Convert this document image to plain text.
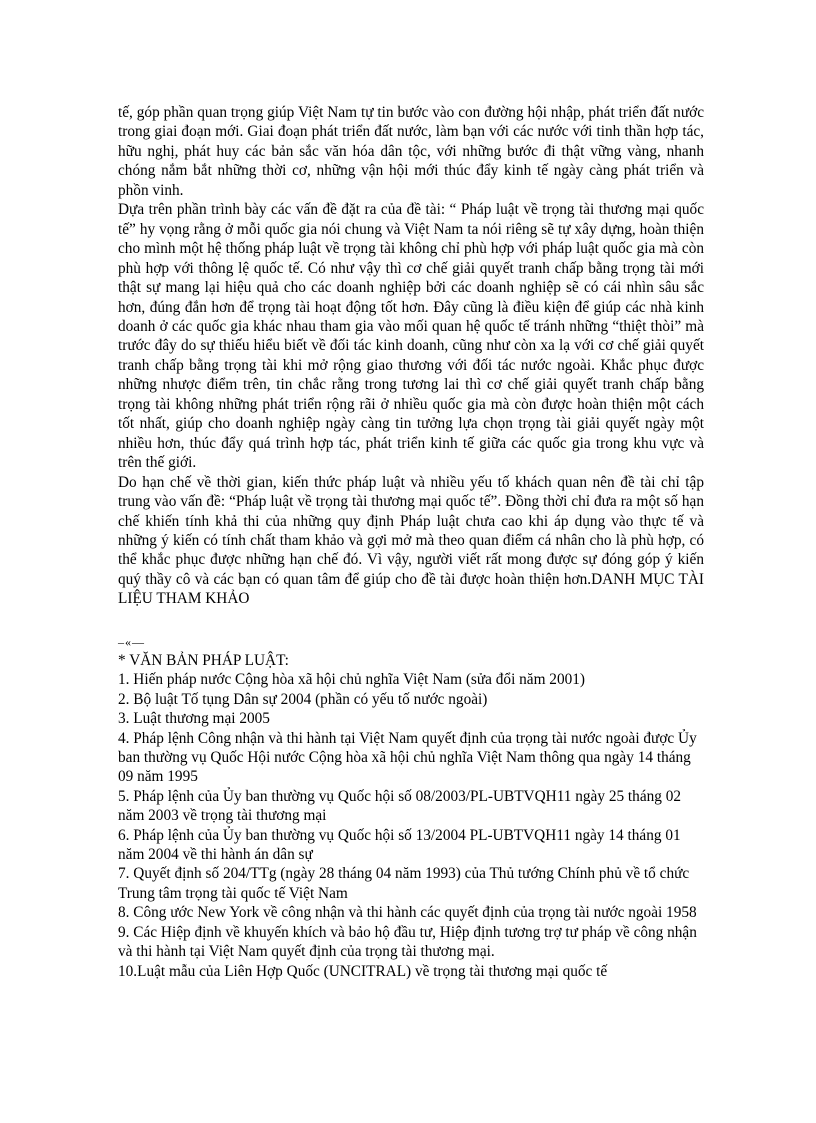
tế, góp phần quan trọng giúp Việt Nam tự tin bước vào con đường hội nhập, phát triển đất nước trong giai đoạn mới. Giai đoạn phát triển đất nước, làm bạn với các nước với tinh thần hợp tác, hữu nghị, phát huy các bản sắc văn hóa dân tộc, với những bước đi thật vững vàng, nhanh chóng nắm bắt những thời cơ, những vận hội mới thúc đẩy kinh tế ngày càng phát triển và phồn vinh.

Dựa trên phần trình bày các vấn đề đặt ra của đề tài: “ Pháp luật về trọng tài thương mại quốc tế” hy vọng rằng ở mỗi quốc gia nói chung và Việt Nam ta nói riêng sẽ tự xây dựng, hoàn thiện cho mình một hệ thống pháp luật về trọng tài không chỉ phù hợp với pháp luật quốc gia mà còn phù hợp với thông lệ quốc tế. Có như vậy thì cơ chế giải quyết tranh chấp bằng trọng tài mới thật sự mang lại hiệu quả cho các doanh nghiệp bởi các doanh nghiệp sẽ có cái nhìn sâu sắc hơn, đúng đắn hơn để trọng tài hoạt động tốt hơn. Đây cũng là điều kiện để giúp các nhà kinh doanh ở các quốc gia khác nhau tham gia vào mối quan hệ quốc tế tránh những “thiệt thòi” mà trước đây do sự thiếu hiểu biết về đối tác kinh doanh, cũng như còn xa lạ với cơ chế giải quyết tranh chấp bằng trọng tài khi mở rộng giao thương với đối tác nước ngoài. Khắc phục được những nhược điểm trên, tin chắc rằng trong tương lai thì cơ chế giải quyết tranh chấp bằng trọng tài không những phát triển rộng rãi ở nhiều quốc gia mà còn được hoàn thiện một cách tốt nhất, giúp cho doanh nghiệp ngày càng tin tưởng lựa chọn trọng tài giải quyết ngày một nhiều hơn, thúc đẩy quá trình hợp tác, phát triển kinh tế giữa các quốc gia trong khu vực và trên thế giới.

Do hạn chế về thời gian, kiến thức pháp luật và nhiều yếu tố khách quan nên đề tài chỉ tập trung vào vấn đề: “Pháp luật về trọng tài thương mại quốc tế”. Đồng thời chỉ đưa ra một số hạn chế khiến tính khả thi của những quy định Pháp luật chưa cao khi áp dụng vào thực tế và những ý kiến có tính chất tham khảo và gợi mở mà theo quan điểm cá nhân cho là phù hợp, có thể khắc phục được những hạn chế đó. Vì vậy, người viết rất mong được sự đóng góp ý kiến quý thầy cô và các bạn có quan tâm để giúp cho đề tài được hoàn thiện hơn.DANH MỤC TÀI LIỆU THAM KHẢO

–«—
* VĂN BẢN PHÁP LUẬT:
1. Hiến pháp nước Cộng hòa xã hội chủ nghĩa Việt Nam (sửa đổi năm 2001)
2. Bộ luật Tố tụng Dân sự 2004 (phần có yếu tố nước ngoài)
3. Luật thương mại 2005
4. Pháp lệnh Công nhận và thi hành tại Việt Nam quyết định của trọng tài nước ngoài được Ủy ban thường vụ Quốc Hội nước Cộng hòa xã hội chủ nghĩa Việt Nam thông qua ngày 14 tháng 09 năm 1995
5. Pháp lệnh của Ủy ban thường vụ Quốc hội số 08/2003/PL-UBTVQH11 ngày 25 tháng 02 năm 2003 về trọng tài thương mại
6. Pháp lệnh của Ủy ban thường vụ Quốc hội số 13/2004 PL-UBTVQH11 ngày 14 tháng 01 năm 2004 về thi hành án dân sự
7. Quyết định số 204/TTg (ngày 28 tháng 04 năm 1993) của Thủ tướng Chính phủ về tổ chức Trung tâm trọng tài quốc tế Việt Nam
8. Công ước New York về công nhận và thi hành các quyết định của trọng tài nước ngoài 1958
9. Các Hiệp định về khuyến khích và bảo hộ đầu tư, Hiệp định tương trợ tư pháp về công nhận và thi hành tại Việt Nam quyết định của trọng tài thương mại.
10.Luật mẫu của Liên Hợp Quốc (UNCITRAL) về trọng tài thương mại quốc tế
